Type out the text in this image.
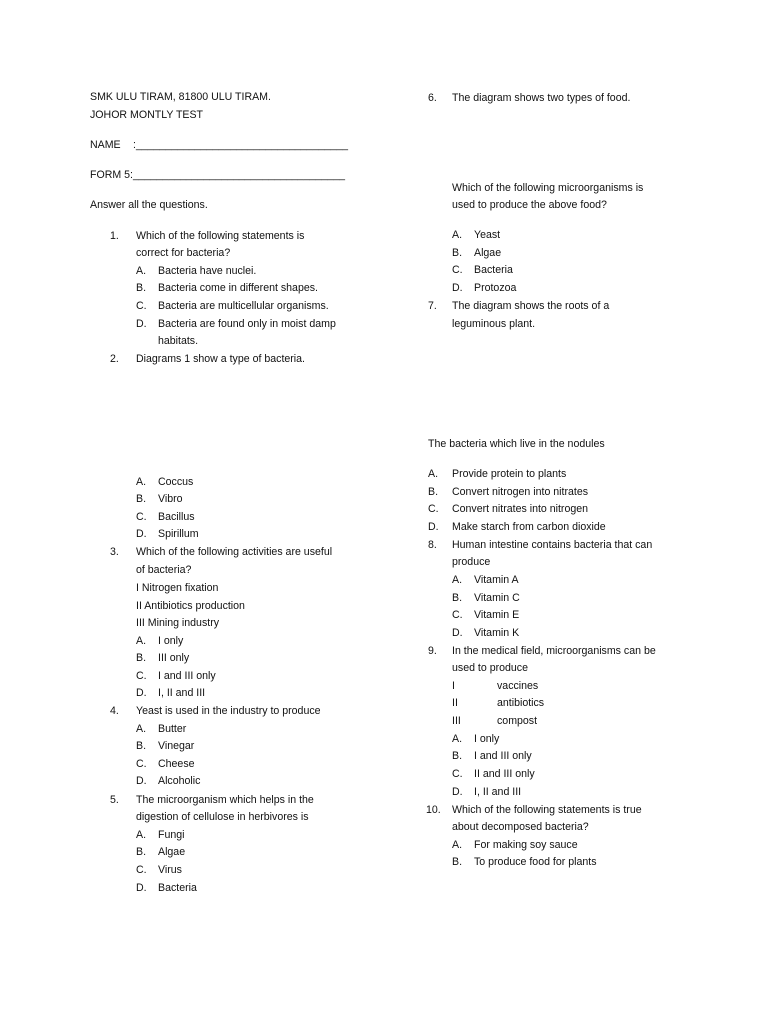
SMK ULU TIRAM, 81800 ULU TIRAM.
JOHOR MONTLY TEST
NAME :____________________________________
FORM 5:____________________________________
Answer all the questions.
1. Which of the following statements is
correct for bacteria?
A. Bacteria have nuclei.
B. Bacteria come in different shapes.
C. Bacteria are multicellular organisms.
D. Bacteria are found only in moist damp
habitats.
2. Diagrams 1 show a type of bacteria.
A. Coccus
B. Vibro
C. Bacillus
D. Spirillum
3. Which of the following activities are useful
of bacteria?
I Nitrogen fixation
II Antibiotics production
III Mining industry
A. I only
B. III only
C. I and III only
D. I, II and III
4. Yeast is used in the industry to produce
A. Butter
B. Vinegar
C. Cheese
D. Alcoholic
5. The microorganism which helps in the
digestion of cellulose in herbivores is
A. Fungi
B. Algae
C. Virus
D. Bacteria
6. The diagram shows two types of food.
Which of the following microorganisms is
used to produce the above food?
A. Yeast
B. Algae
C. Bacteria
D. Protozoa
7. The diagram shows the roots of a
leguminous plant.
The bacteria which live in the nodules
A. Provide protein to plants
B. Convert nitrogen into nitrates
C. Convert nitrates into nitrogen
D. Make starch from carbon dioxide
8. Human intestine contains bacteria that can
produce
A. Vitamin A
B. Vitamin C
C. Vitamin E
D. Vitamin K
9. In the medical field, microorganisms can be
used to produce
I	vaccines
II	antibiotics
III	compost
A. I only
B. I and III only
C. II and III only
D. I, II and III
10. Which of the following statements is true
about decomposed bacteria?
A. For making soy sauce
B. To produce food for plants
